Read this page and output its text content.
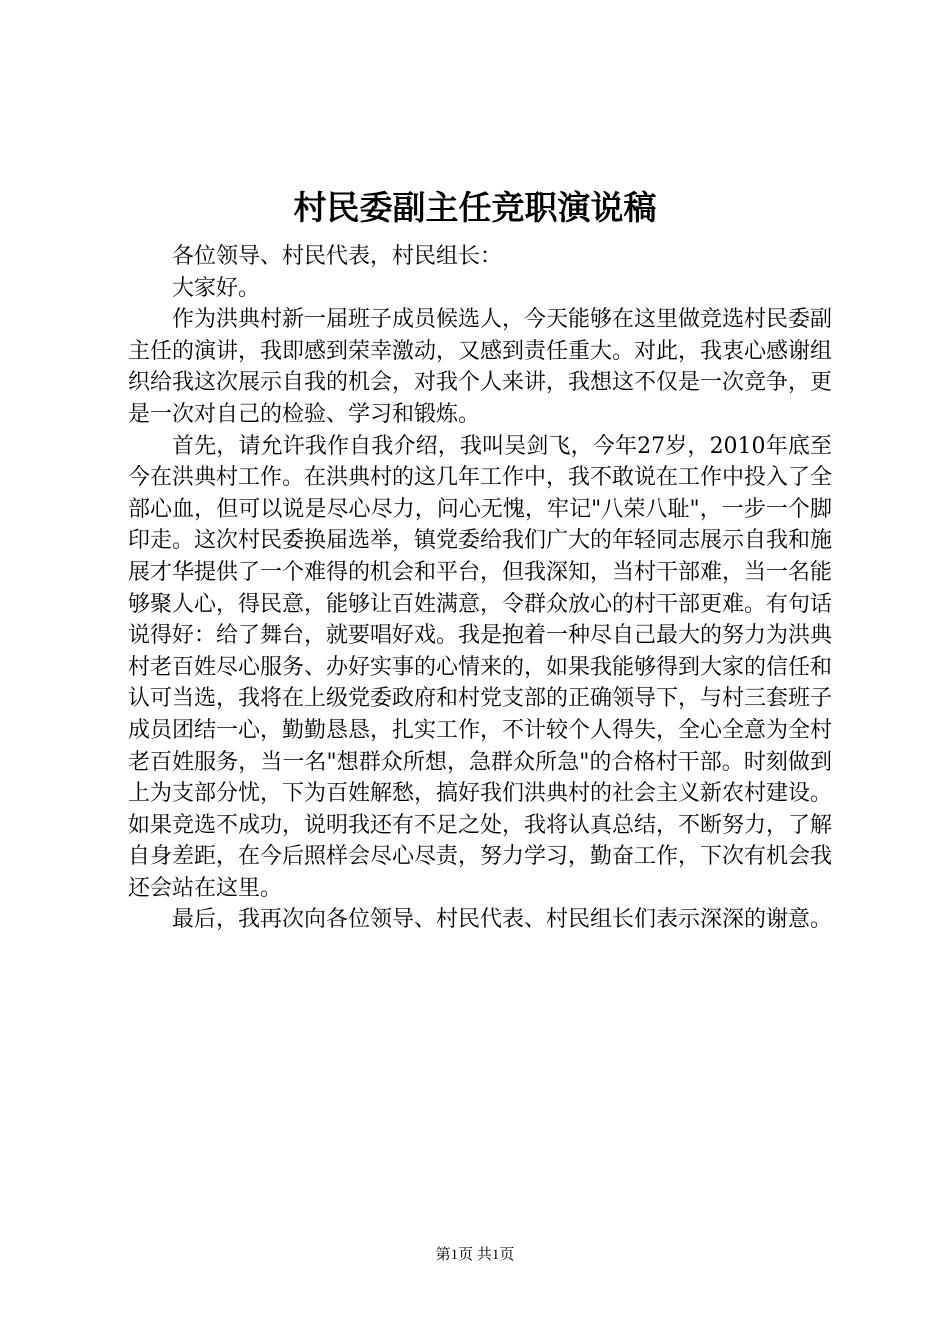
村民委副主任竞职演说稿

各位领导、村民代表，村民组长：

大家好。

作为洪典村新一届班子成员候选人，今天能够在这里做竞选村民委副主任的演讲，我即感到荣幸激动，又感到责任重大。对此，我衷心感谢组织给我这次展示自我的机会，对我个人来讲，我想这不仅是一次竞争，更是一次对自己的检验、学习和锻炼。

首先，请允许我作自我介绍，我叫吴剑飞，今年27岁，2010年底至今在洪典村工作。在洪典村的这几年工作中，我不敢说在工作中投入了全部心血，但可以说是尽心尽力，问心无愧，牢记"八荣八耻"，一步一个脚印走。这次村民委换届选举，镇党委给我们广大的年轻同志展示自我和施展才华提供了一个难得的机会和平台，但我深知，当村干部难，当一名能够聚人心，得民意，能够让百姓满意，令群众放心的村干部更难。有句话说得好：给了舞台，就要唱好戏。我是抱着一种尽自己最大的努力为洪典村老百姓尽心服务、办好实事的心情来的，如果我能够得到大家的信任和认可当选，我将在上级党委政府和村党支部的正确领导下，与村三套班子成员团结一心，勤勤恳恳，扎实工作，不计较个人得失，全心全意为全村老百姓服务，当一名"想群众所想，急群众所急"的合格村干部。时刻做到上为支部分忧，下为百姓解愁，搞好我们洪典村的社会主义新农村建设。如果竞选不成功，说明我还有不足之处，我将认真总结，不断努力，了解自身差距，在今后照样会尽心尽责，努力学习，勤奋工作，下次有机会我还会站在这里。

最后，我再次向各位领导、村民代表、村民组长们表示深深的谢意。

第1页 共1页
